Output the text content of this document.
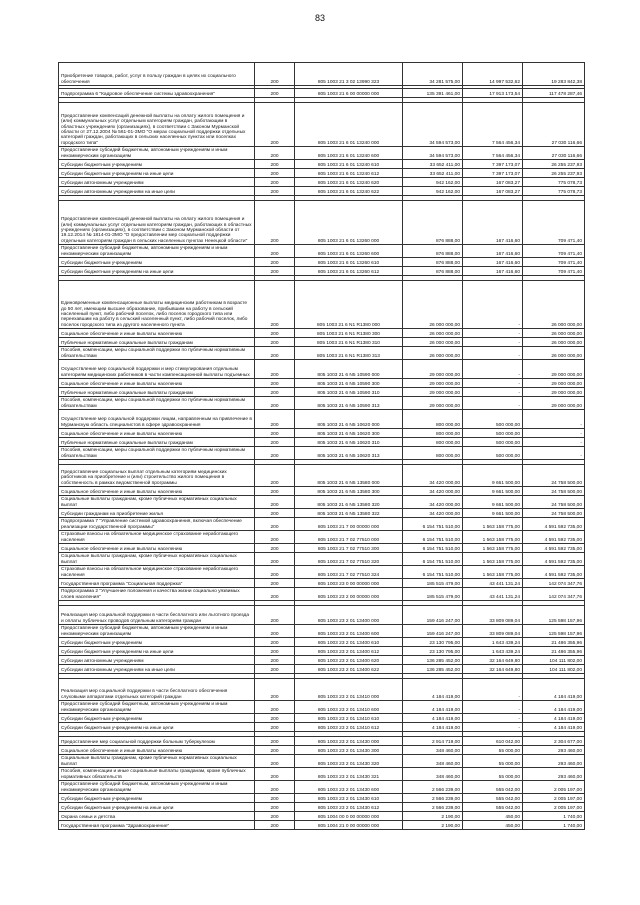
83
Приобретение товаров, работ, услуг в пользу граждан в целях их социального обеспечения	200	805 1003 21 3 02 13990 323	34 281 575,00	14 997 532,62	19 283 842,38

Подпрограмма 6 "Кадровое обеспечение системы здравоохранения"	200	805 1003 21 6 00 00000 000	135 391 461,00	17 913 173,54	117 478 287,46

Предоставление компенсаций денежной выплаты на оплату жилого помещения и (или) коммунальных услуг отдельным категориям граждан, работающим в областных учреждениях (организациях), в соответствии с Законом Мурманской области от 27.12.2004 № 561-01-ЗМО "О мерах социальной поддержки отдельных категорий граждан, работающих в сельских населенных пунктах или поселках городского типа"	200	805 1003 21 6 01 13240 000	34 594 573,00	7 564 456,34	27 030 116,66
Предоставление субсидий бюджетным, автономным учреждениям и иным некоммерческим организациям	200	805 1003 21 6 01 13240 600	34 594 573,00	7 564 456,34	27 030 116,66
Субсидии бюджетным учреждениям	200	805 1003 21 6 01 13240 610	33 652 411,00	7 397 173,07	26 255 237,93
Субсидии бюджетным учреждениям на иные цели	200	805 1003 21 6 01 13240 612	33 652 411,00	7 397 173,07	26 255 237,93
Субсидии автономным учреждениям	200	805 1003 21 6 01 13240 620	942 162,00	167 083,27	775 078,73
Субсидии автономным учреждениям на иные цели	200	805 1003 21 6 01 13240 622	942 162,00	167 083,27	775 078,73

Предоставление компенсаций денежной выплаты на оплату жилого помещения и (или) коммунальных услуг отдельным категориям граждан, работающих в областных учреждениях (организациях), в соответствии с Законом Мурманской области от 19.12.2014 № 1814-01-ЗМО "О предоставлении мер социальной поддержки отдельным категориям граждан в сельских населенных пунктах Ненецкой области"	200	805 1003 21 6 01 13260 000	876 888,00	167 416,60	709 471,40
Предоставление субсидий бюджетным, автономным учреждениям и иным некоммерческим организациям	200	805 1003 21 6 01 13260 600	876 888,00	167 416,60	709 471,40
Субсидии бюджетным учреждениям	200	805 1003 21 6 01 13260 610	876 888,00	167 416,60	709 471,40
Субсидии бюджетным учреждениям на иные цели	200	805 1003 21 6 01 13260 612	876 888,00	167 416,60	709 471,40

Единовременные компенсационные выплаты медицинским работникам в возрасте до 50 лет, имеющим высшее образование, прибывшим на работу в сельский населенный пункт, либо рабочий поселок, либо поселок городского типа или переехавшим на работу в сельский населенный пункт, либо рабочий поселок, либо поселок городского типа из другого населенного пункта	200	805 1003 21 6 N1 R1380 000	26 000 000,00	-	26 000 000,00
Социальное обеспечение и иные выплаты населению	200	805 1003 21 6 N1 R1380 300	26 000 000,00	-	26 000 000,00
Публичные нормативные социальные выплаты гражданам	200	805 1003 21 6 N1 R1380 310	26 000 000,00	-	26 000 000,00
Пособия, компенсации, меры социальной поддержки по публичным нормативным обязательствам	200	805 1003 21 6 N1 R1380 313	26 000 000,00	-	26 000 000,00
Осуществление мер социальной поддержки и мер стимулирования отдельным категориям медицинских работников в части компенсационной выплаты подъемных	200	805 1003 21 6 N5 10590 000	29 000 000,00	-	29 000 000,00
Социальное обеспечение и иные выплаты населению	200	805 1003 21 6 N5 10590 300	29 000 000,00	-	29 000 000,00
Публичные нормативные социальные выплаты гражданам	200	805 1003 21 6 N5 10590 310	29 000 000,00	-	29 000 000,00
Пособия, компенсации, меры социальной поддержки по публичным нормативным обязательствам	200	805 1003 21 6 N5 10590 313	29 000 000,00	-	29 000 000,00
Осуществление мер социальной поддержки лицам, направленным на привлечение в Мурманскую область специалистов в сфере здравоохранения	200	805 1003 21 6 N5 10620 000	800 000,00	500 000,00	-
Социальное обеспечение и иные выплаты населению	200	805 1003 21 6 N5 10620 300	800 000,00	500 000,00	-
Публичные нормативные социальные выплаты гражданам	200	805 1003 21 6 N5 10620 310	800 000,00	500 000,00	-
Пособия, компенсации, меры социальной поддержки по публичным нормативным обязательствам	200	805 1003 21 6 N5 10620 313	800 000,00	500 000,00	-

Предоставление социальных выплат отдельным категориям медицинских работников на приобретение и (или) строительство жилого помещения в собственность в рамках ведомственной программы	200	805 1003 21 6 N5 13580 000	34 420 000,00	9 661 500,00	24 758 500,00
Социальное обеспечение и иные выплаты населению	200	805 1003 21 6 N5 13580 300	34 420 000,00	9 661 500,00	24 758 500,00
Социальные выплаты гражданам, кроме публичных нормативных социальных выплат	200	805 1003 21 6 N5 13580 320	34 420 000,00	9 661 500,00	24 758 500,00
Субсидии гражданам на приобретение жилья	200	805 1003 21 6 N5 13580 322	34 420 000,00	9 661 500,00	24 758 500,00
Подпрограмма 7 "Управление системой здравоохранения, включая обеспечение реализации государственной программы"	200	805 1003 21 7 00 00000 000	6 154 751 510,00	1 563 158 775,00	4 591 592 735,00
Страховые взносы на обязательное медицинское страхование неработающего населения	200	805 1003 21 7 02 77510 000	6 154 751 510,00	1 563 158 775,00	4 591 592 735,00
Социальное обеспечение и иные выплаты населению	200	805 1003 21 7 02 77510 300	6 154 751 510,00	1 563 158 775,00	4 591 592 735,00
Социальные выплаты гражданам, кроме публичных нормативных социальных выплат	200	805 1003 21 7 02 77510 320	6 154 751 510,00	1 563 158 775,00	4 591 592 735,00
Страховые взносы на обязательное медицинское страхование неработающего населения	200	805 1003 21 7 02 77510 324	6 154 751 510,00	1 563 158 775,00	4 591 592 735,00
Государственная программа "Социальная поддержка"	200	805 1003 23 0 00 00000 000	185 515 479,00	43 441 131,24	142 074 347,76
Подпрограмма 2 "Улучшение положения и качества жизни социально уязвимых слоев населения"	200	805 1003 23 2 00 00000 000	185 515 479,00	43 441 131,24	142 074 347,76

Реализация мер социальной поддержки в части бесплатного или льготного проезда и оплаты публичных проводов отдельным категориям граждан	200	805 1003 23 2 01 13400 000	159 416 247,00	33 809 089,04	125 598 157,96
Предоставление субсидий бюджетным, автономным учреждениям и иным некоммерческим организациям	200	805 1003 23 2 01 13400 600	159 416 247,00	33 809 089,04	125 598 157,96
Субсидии бюджетным учреждениям	200	805 1003 23 2 01 13400 610	23 130 795,00	1 643 439,24	21 486 355,96
Субсидии бюджетным учреждениям на иные цели	200	805 1003 23 2 01 13400 612	23 130 795,00	1 643 439,24	21 486 355,96
Субсидии автономным учреждениям	200	805 1003 23 2 01 13400 620	136 285 452,00	32 164 649,80	104 111 802,00
Субсидии автономным учреждениям на иные цели	200	805 1003 23 2 01 13400 622	136 285 452,00	32 164 649,80	104 111 802,00

Реализация мер социальной поддержки в части бесплатного обеспечения слуховыми аппаратами отдельных категорий граждан	200	805 1003 23 2 01 13410 000	4 184 419,00	-	4 184 419,00
Предоставление субсидий бюджетным, автономным учреждениям и иным некоммерческим организациям	200	805 1003 23 2 01 13410 600	4 184 419,00	-	4 184 419,00
Субсидии бюджетным учреждениям	200	805 1003 23 2 01 13410 610	4 184 419,00	-	4 184 419,00
Субсидии бюджетным учреждениям на иные цели	200	805 1003 23 2 01 13410 612	4 184 419,00	-	4 184 419,00

Предоставление мер социальной поддержки больным туберкулезом	200	805 1003 23 2 01 13430 000	2 914 719,00	610 042,00	2 304 677,00
Социальное обеспечение и иные выплаты населению	200	805 1003 23 2 01 13430 300	348 460,00	55 000,00	293 460,00
Социальные выплаты гражданам, кроме публичных нормативных социальных выплат	200	805 1003 23 2 01 13430 320	348 460,00	55 000,00	293 460,00
Пособия, компенсации и иные социальные выплаты гражданам, кроме публичных нормативных обязательств	200	805 1003 23 2 01 13430 321	348 460,00	55 000,00	293 460,00
Предоставление субсидий бюджетным, автономным учреждениям и иным некоммерческим организациям	200	805 1003 23 2 01 13430 600	2 566 239,00	555 042,00	2 005 197,00
Субсидии бюджетным учреждениям	200	805 1003 23 2 01 13430 610	2 566 239,00	555 042,00	2 005 197,00
Субсидии бюджетным учреждениям на иные цели	200	805 1003 23 2 01 13430 612	2 566 239,00	555 042,00	2 005 197,00
Охрана семьи и детства	200	805 1004 00 0 00 00000 000	2 190,00	450,00	1 740,00
Государственная программа "Здравоохранение"	200	805 1004 21 0 00 00000 000	2 190,00	450,00	1 740,00
